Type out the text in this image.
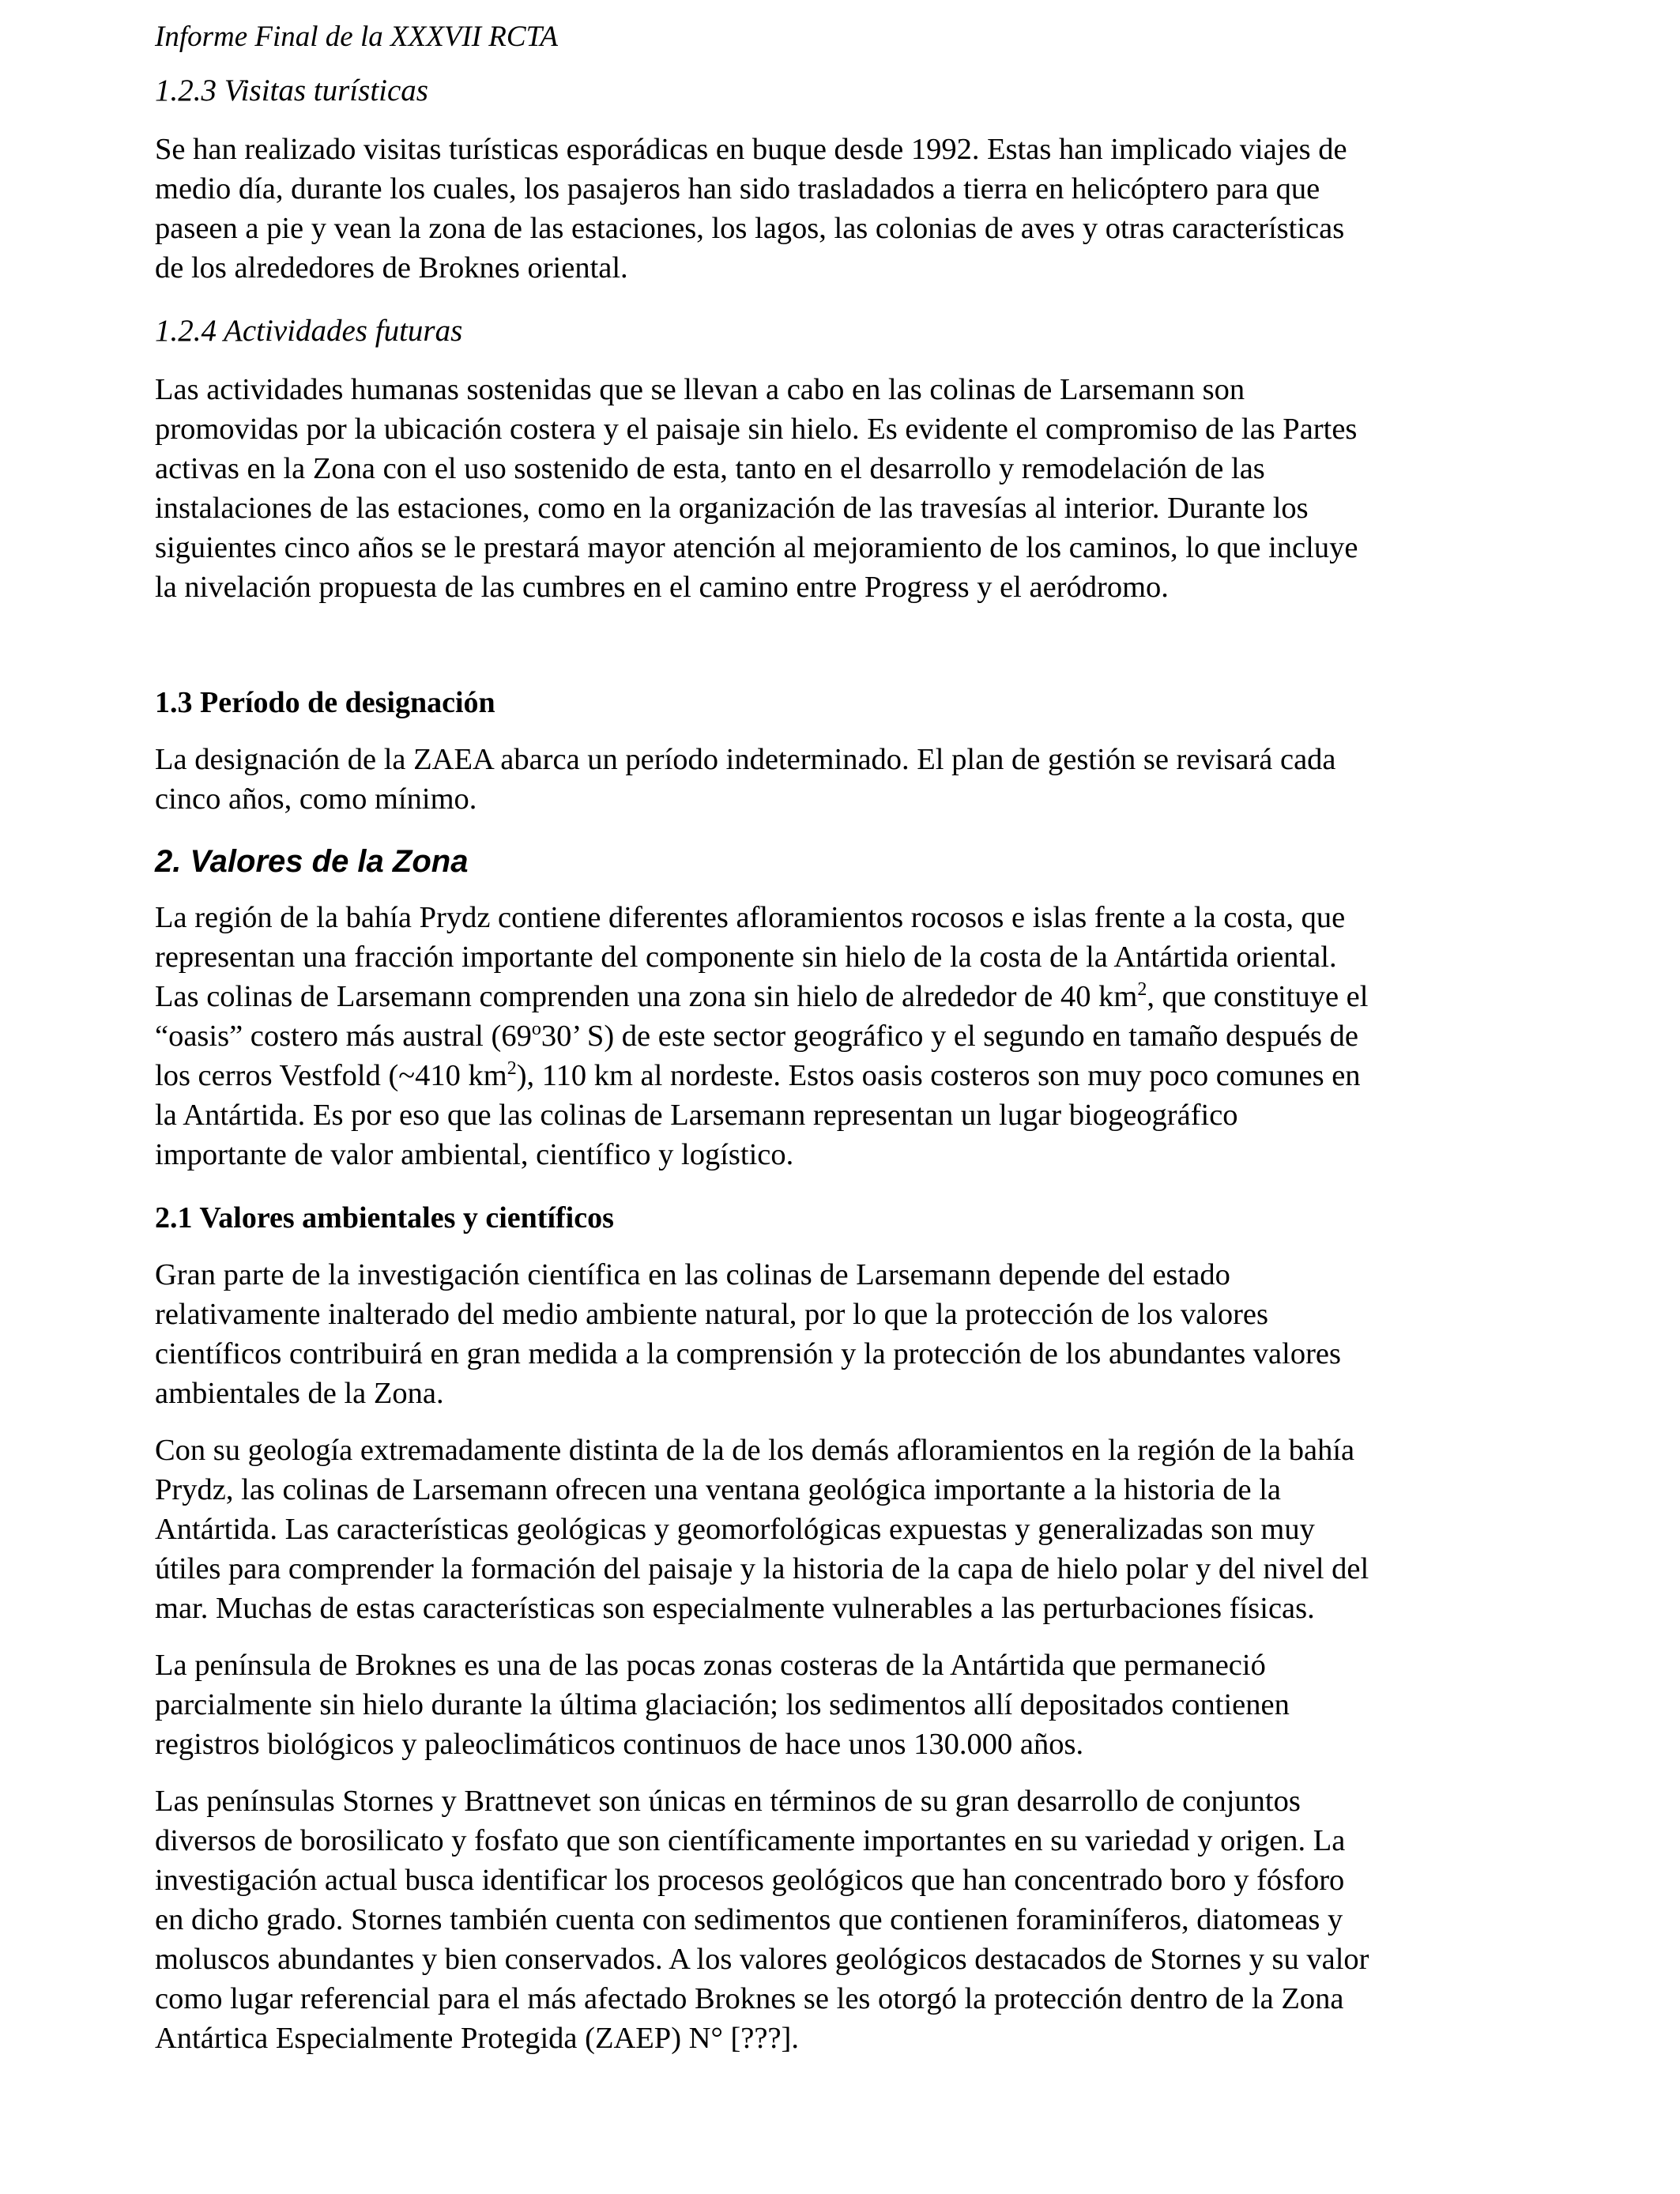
Informe Final de la XXXVII RCTA
1.2.3 Visitas turísticas

Se han realizado visitas turísticas esporádicas en buque desde 1992. Estas han implicado viajes de
medio día, durante los cuales, los pasajeros han sido trasladados a tierra en helicóptero para que
paseen a pie y vean la zona de las estaciones, los lagos, las colonias de aves y otras características
de los alrededores de Broknes oriental.

1.2.4 Actividades futuras

Las actividades humanas sostenidas que se llevan a cabo en las colinas de Larsemann son
promovidas por la ubicación costera y el paisaje sin hielo. Es evidente el compromiso de las Partes
activas en la Zona con el uso sostenido de esta, tanto en el desarrollo y remodelación de las
instalaciones de las estaciones, como en la organización de las travesías al interior. Durante los
siguientes cinco años se le prestará mayor atención al mejoramiento de los caminos, lo que incluye
la nivelación propuesta de las cumbres en el camino entre Progress y el aeródromo.

1.3 Período de designación

La designación de la ZAEA abarca un período indeterminado. El plan de gestión se revisará cada
cinco años, como mínimo.

2. Valores de la Zona

La región de la bahía Prydz contiene diferentes afloramientos rocosos e islas frente a la costa, que
representan una fracción importante del componente sin hielo de la costa de la Antártida oriental.
Las colinas de Larsemann comprenden una zona sin hielo de alrededor de 40 $km^2$, que constituye el
“oasis” costero más austral (69$^o$30’ S) de este sector geográfico y el segundo en tamaño después de
los cerros Vestfold (~410 $km^2$), 110 km al nordeste. Estos oasis costeros son muy poco comunes en
la Antártida. Es por eso que las colinas de Larsemann representan un lugar biogeográfico
importante de valor ambiental, científico y logístico.

2.1 Valores ambientales y científicos

Gran parte de la investigación científica en las colinas de Larsemann depende del estado
relativamente inalterado del medio ambiente natural, por lo que la protección de los valores
científicos contribuirá en gran medida a la comprensión y la protección de los abundantes valores
ambientales de la Zona.

Con su geología extremadamente distinta de la de los demás afloramientos en la región de la bahía
Prydz, las colinas de Larsemann ofrecen una ventana geológica importante a la historia de la
Antártida. Las características geológicas y geomorfológicas expuestas y generalizadas son muy
útiles para comprender la formación del paisaje y la historia de la capa de hielo polar y del nivel del
mar. Muchas de estas características son especialmente vulnerables a las perturbaciones físicas.

La península de Broknes es una de las pocas zonas costeras de la Antártida que permaneció
parcialmente sin hielo durante la última glaciación; los sedimentos allí depositados contienen
registros biológicos y paleoclimáticos continuos de hace unos 130.000 años.

Las penínsulas Stornes y Brattnevet son únicas en términos de su gran desarrollo de conjuntos
diversos de borosilicato y fosfato que son científicamente importantes en su variedad y origen. La
investigación actual busca identificar los procesos geológicos que han concentrado boro y fósforo
en dicho grado. Stornes también cuenta con sedimentos que contienen foraminíferos, diatomeas y
moluscos abundantes y bien conservados. A los valores geológicos destacados de Stornes y su valor
como lugar referencial para el más afectado Broknes se les otorgó la protección dentro de la Zona
Antártica Especialmente Protegida (ZAEP) N° [???].
